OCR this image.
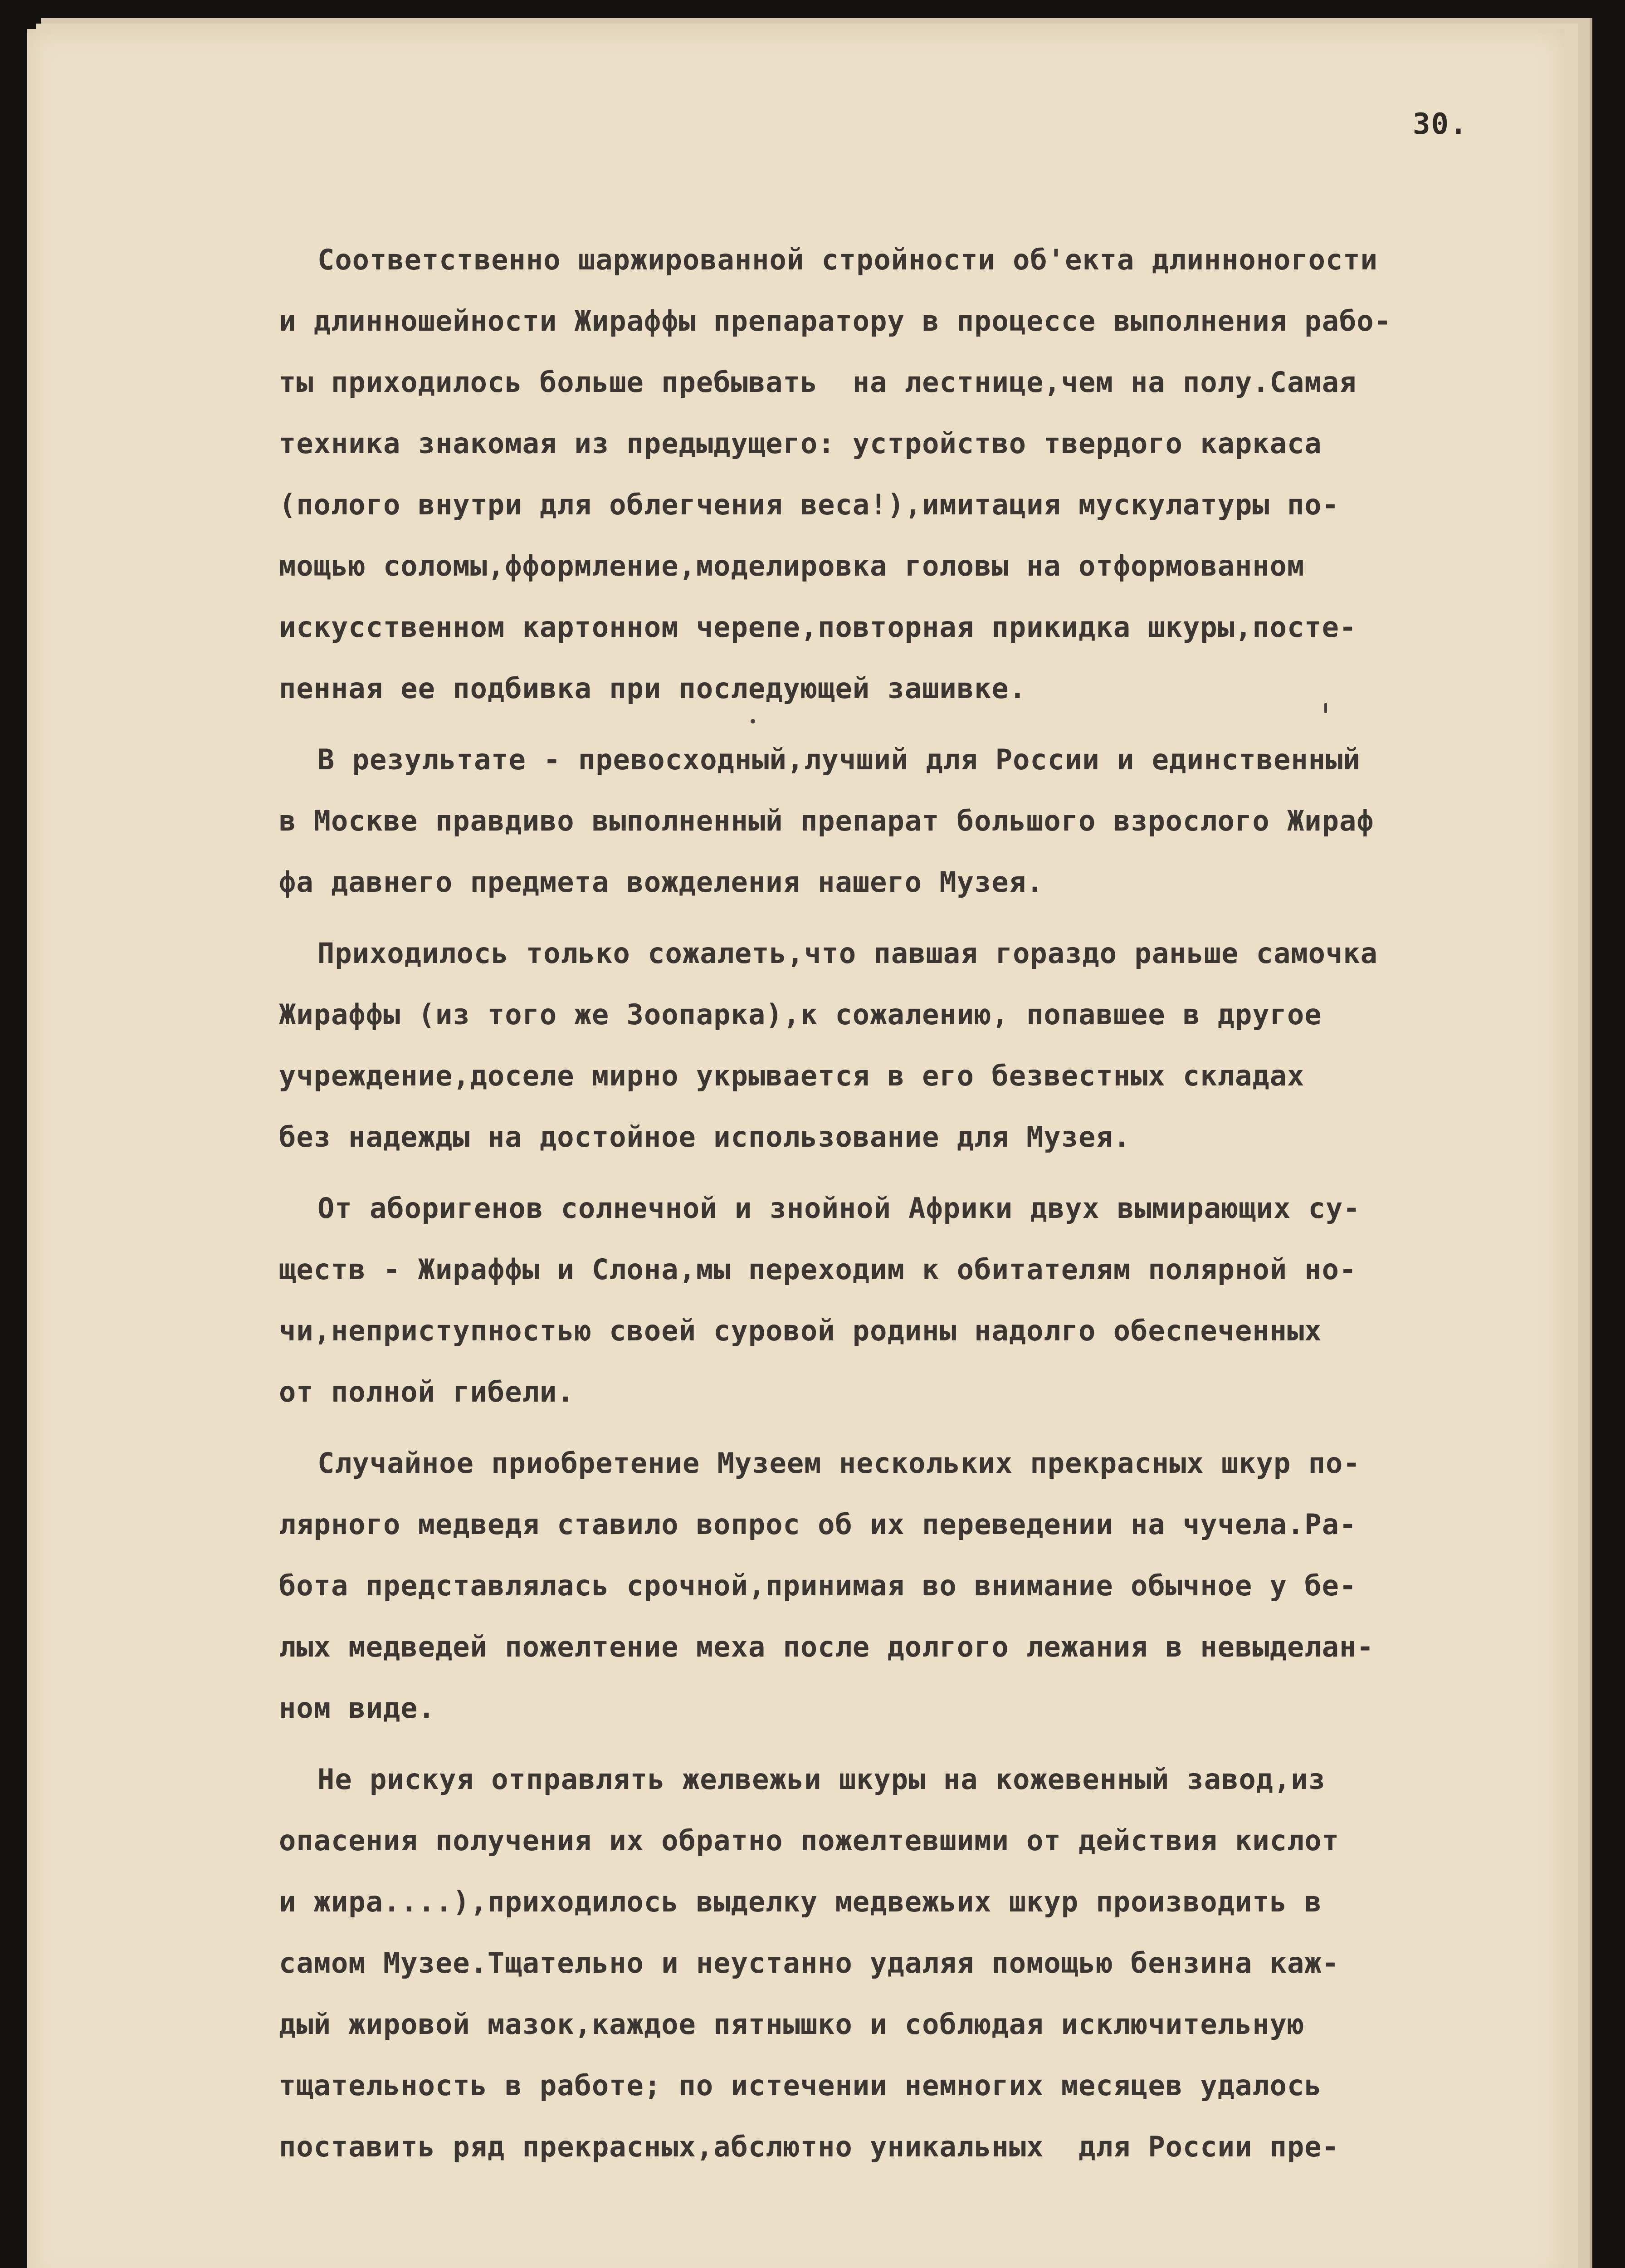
30.
Соответственно шаржированной стройности об'екта длинноногости
и длинношейности Жираффы препаратору в процессе выполнения рабо-
ты приходилось больше пребывать  на лестнице,чем на полу.Самая
техника знакомая из предыдущего: устройство твердого каркаса
(полого внутри для облегчения веса!),имитация мускулатуры по-
мощью соломы,фформление,моделировка головы на отформованном
искусственном картонном черепе,повторная прикидка шкуры,посте-
пенная ее подбивка при последующей зашивке.
В результате - превосходный,лучший для России и единственный
в Москве правдиво выполненный препарат большого взрослого Жираф
фа давнего предмета вожделения нашего Музея.
Приходилось только сожалеть,что павшая гораздо раньше самочка
Жираффы (из того же Зоопарка),к сожалению, попавшее в другое
учреждение,доселе мирно укрывается в его безвестных складах
без надежды на достойное использование для Музея.
От аборигенов солнечной и знойной Африки двух вымирающих су-
ществ - Жираффы и Слона,мы переходим к обитателям полярной но-
чи,неприступностью своей суровой родины надолго обеспеченных
от полной гибели.
Случайное приобретение Музеем нескольких прекрасных шкур по-
лярного медведя ставило вопрос об их переведении на чучела.Ра-
бота представлялась срочной,принимая во внимание обычное у бе-
лых медведей пожелтение меха после долгого лежания в невыделан-
ном виде.
Не рискуя отправлять желвежьи шкуры на кожевенный завод,из
опасения получения их обратно пожелтевшими от действия кислот
и жира....),приходилось выделку медвежьих шкур производить в
самом Музее.Тщательно и неустанно удаляя помощью бензина каж-
дый жировой мазок,каждое пятнышко и соблюдая исключительную
тщательность в работе; по истечении немногих месяцев удалось
поставить ряд прекрасных,абслютно уникальных  для России пре-
